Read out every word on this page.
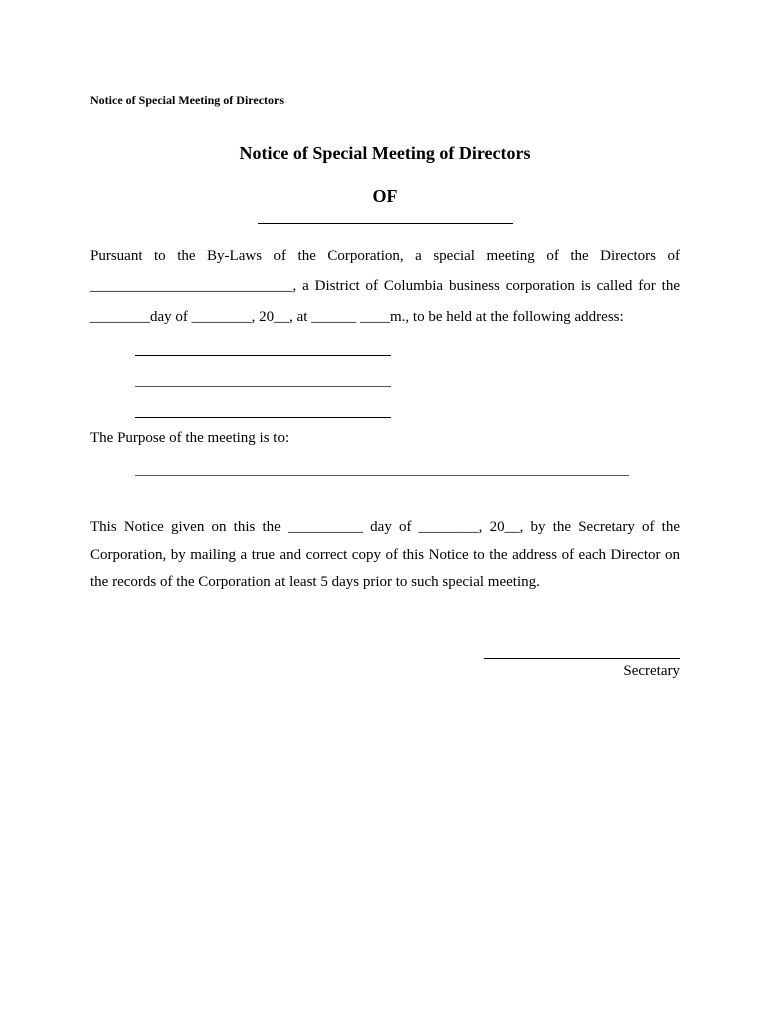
Notice of Special Meeting of Directors
Notice of Special Meeting of Directors
OF
Pursuant to the By-Laws of the Corporation, a special meeting of the Directors of
___________________________, a District of Columbia business corporation is called for the
________day of ________, 20__, at ______ ____m., to be held at the following address:
The Purpose of the meeting is to:
This Notice given on this the __________ day of ________, 20__, by the Secretary of the
Corporation, by mailing a true and correct copy of this Notice to the address of each Director on
the records of the Corporation at least 5 days prior to such special meeting.
Secretary
